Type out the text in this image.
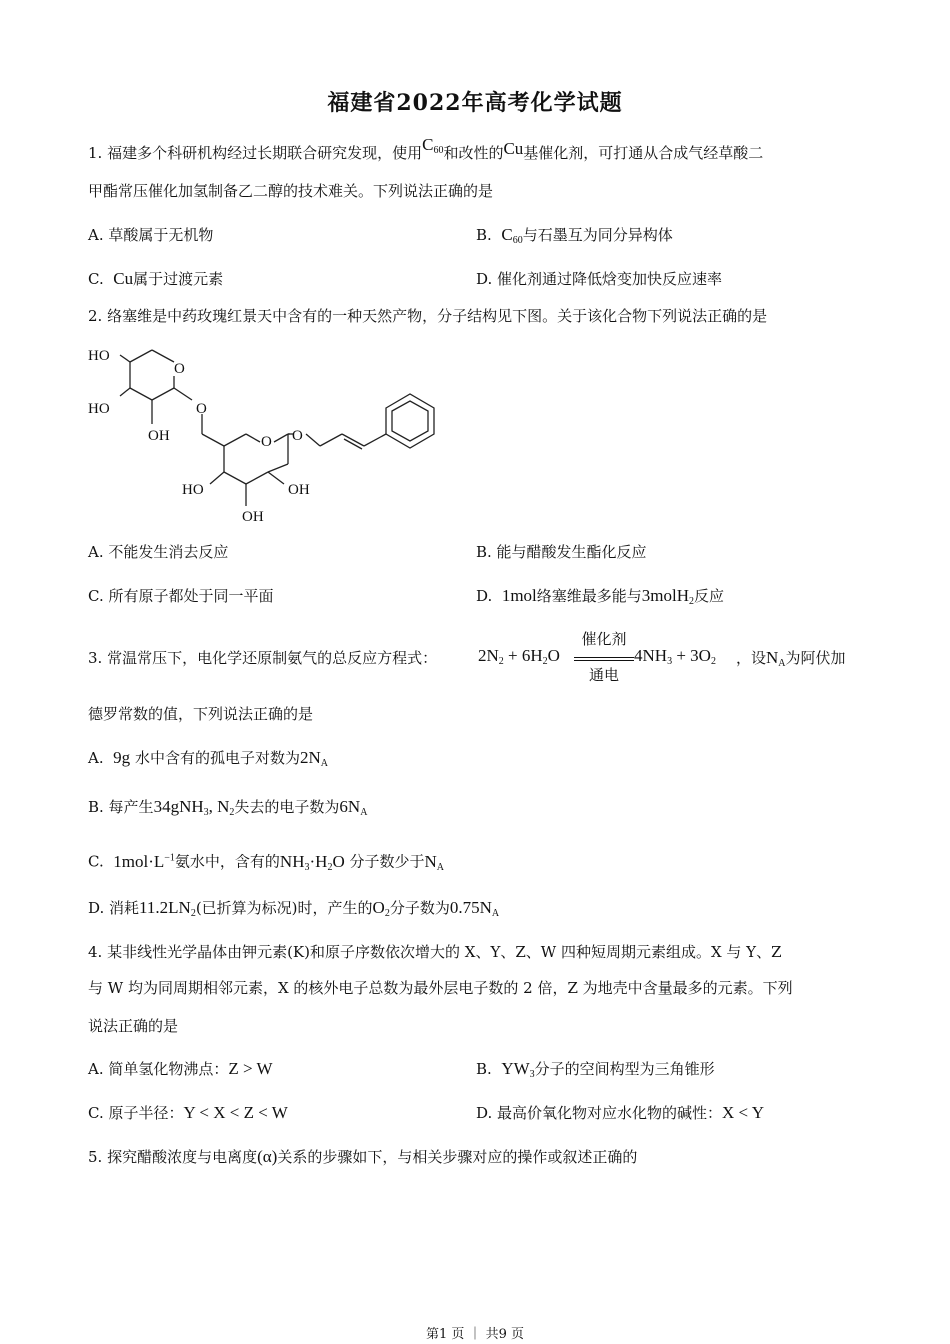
福建省2022年高考化学试题
1. 福建多个科研机构经过长期联合研究发现，使用$C_{60}$和改性的Cu基催化剂，可打通从合成气经草酸二
甲酯常压催化加氢制备乙二醇的技术难关。下列说法正确的是
A. 草酸属于无机物	B. $C_{60}$与石墨互为同分异构体
C. Cu属于过渡元素	D. 催化剂通过降低焓变加快反应速率
2. 络塞维是中药玫瑰红景天中含有的一种天然产物，分子结构见下图。关于该化合物下列说法正确的是
HO
O
HO	O
OH	O O
HO	OH
OH
A. 不能发生消去反应	B. 能与醋酸发生酯化反应
C. 所有原子都处于同一平面	D. 1mol络塞维最多能与3molH$_2$反应
3. 常温常压下，电化学还原制氨气的总反应方程式： $2N_2 + 6H_2O$
催化剂
通电
$4NH_3 + 3O_2$ ，设$N_A$为阿伏加
德罗常数的值，下列说法正确的是
A. 9g 水中含有的孤电子对数为$2N_A$
B. 每产生34gNH$_3$, $N_2$失去的电子数为$6N_A$
C. $1mol\cdot L^{-1}$氨水中，含有的$NH_3\cdot H_2O$ 分子数少于$N_A$
D. 消耗$11.2LN_2$(已折算为标况)时，产生的$O_2$分子数为$0.75N_A$
4. 某非线性光学晶体由钾元素(K)和原子序数依次增大的 X、Y、Z、W 四种短周期元素组成。X 与 Y、Z
与 W 均为同周期相邻元素，X 的核外电子总数为最外层电子数的 2 倍，Z 为地壳中含量最多的元素。下列
说法正确的是
A. 简单氢化物沸点：Z > W	B. $YW_3$分子的空间构型为三角锥形
C. 原子半径：Y < X < Z < W	D. 最高价氧化物对应水化物的碱性：X < Y
5. 探究醋酸浓度与电离度(α)关系的步骤如下，与相关步骤对应的操作或叙述正确的
第1 页 ｜ 共9 页
